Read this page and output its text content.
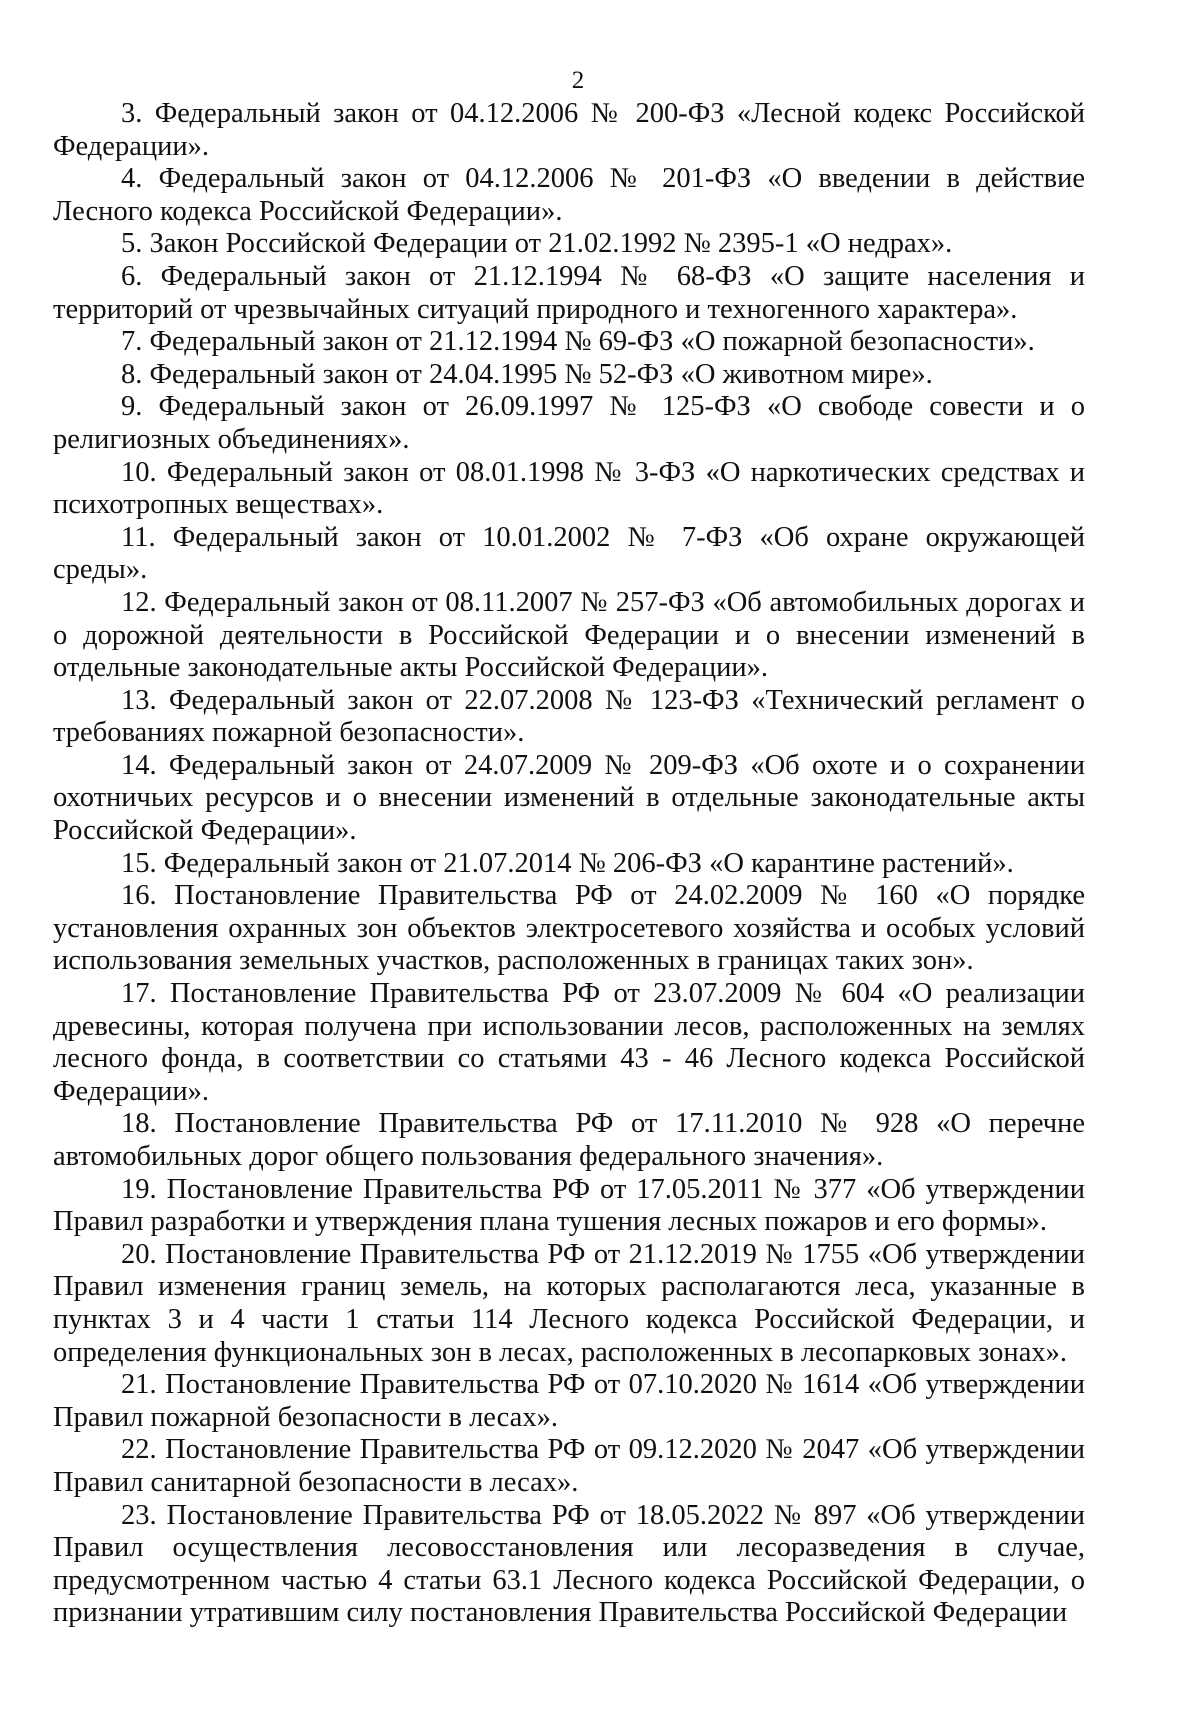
2

3. Федеральный закон от 04.12.2006 № 200-ФЗ «Лесной кодекс Российской Федерации».

4. Федеральный закон от 04.12.2006 № 201-ФЗ «О введении в действие Лесного кодекса Российской Федерации».

5. Закон Российской Федерации от 21.02.1992 № 2395-1 «О недрах».

6. Федеральный закон от 21.12.1994 № 68-ФЗ «О защите населения и территорий от чрезвычайных ситуаций природного и техногенного характера».

7. Федеральный закон от 21.12.1994 № 69-ФЗ «О пожарной безопасности».

8. Федеральный закон от 24.04.1995 № 52-ФЗ «О животном мире».

9. Федеральный закон от 26.09.1997 № 125-ФЗ «О свободе совести и о религиозных объединениях».

10. Федеральный закон от 08.01.1998 № 3-ФЗ «О наркотических средствах и психотропных веществах».

11. Федеральный закон от 10.01.2002 № 7-ФЗ «Об охране окружающей среды».

12. Федеральный закон от 08.11.2007 № 257-ФЗ «Об автомобильных дорогах и о дорожной деятельности в Российской Федерации и о внесении изменений в отдельные законодательные акты Российской Федерации».

13. Федеральный закон от 22.07.2008 № 123-ФЗ «Технический регламент о требованиях пожарной безопасности».

14. Федеральный закон от 24.07.2009 № 209-ФЗ «Об охоте и о сохранении охотничьих ресурсов и о внесении изменений в отдельные законодательные акты Российской Федерации».

15. Федеральный закон от 21.07.2014 № 206-ФЗ «О карантине растений».

16. Постановление Правительства РФ от 24.02.2009 № 160 «О порядке установления охранных зон объектов электросетевого хозяйства и особых условий использования земельных участков, расположенных в границах таких зон».

17. Постановление Правительства РФ от 23.07.2009 № 604 «О реализации древесины, которая получена при использовании лесов, расположенных на землях лесного фонда, в соответствии со статьями 43 - 46 Лесного кодекса Российской Федерации».

18. Постановление Правительства РФ от 17.11.2010 № 928 «О перечне автомобильных дорог общего пользования федерального значения».

19. Постановление Правительства РФ от 17.05.2011 № 377 «Об утверждении Правил разработки и утверждения плана тушения лесных пожаров и его формы».

20. Постановление Правительства РФ от 21.12.2019 № 1755 «Об утверждении Правил изменения границ земель, на которых располагаются леса, указанные в пунктах 3 и 4 части 1 статьи 114 Лесного кодекса Российской Федерации, и определения функциональных зон в лесах, расположенных в лесопарковых зонах».

21. Постановление Правительства РФ от 07.10.2020 № 1614 «Об утверждении Правил пожарной безопасности в лесах».

22. Постановление Правительства РФ от 09.12.2020 № 2047 «Об утверждении Правил санитарной безопасности в лесах».

23. Постановление Правительства РФ от 18.05.2022 № 897 «Об утверждении Правил осуществления лесовосстановления или лесоразведения в случае, предусмотренном частью 4 статьи 63.1 Лесного кодекса Российской Федерации, о признании утратившим силу постановления Правительства Российской Федерации
